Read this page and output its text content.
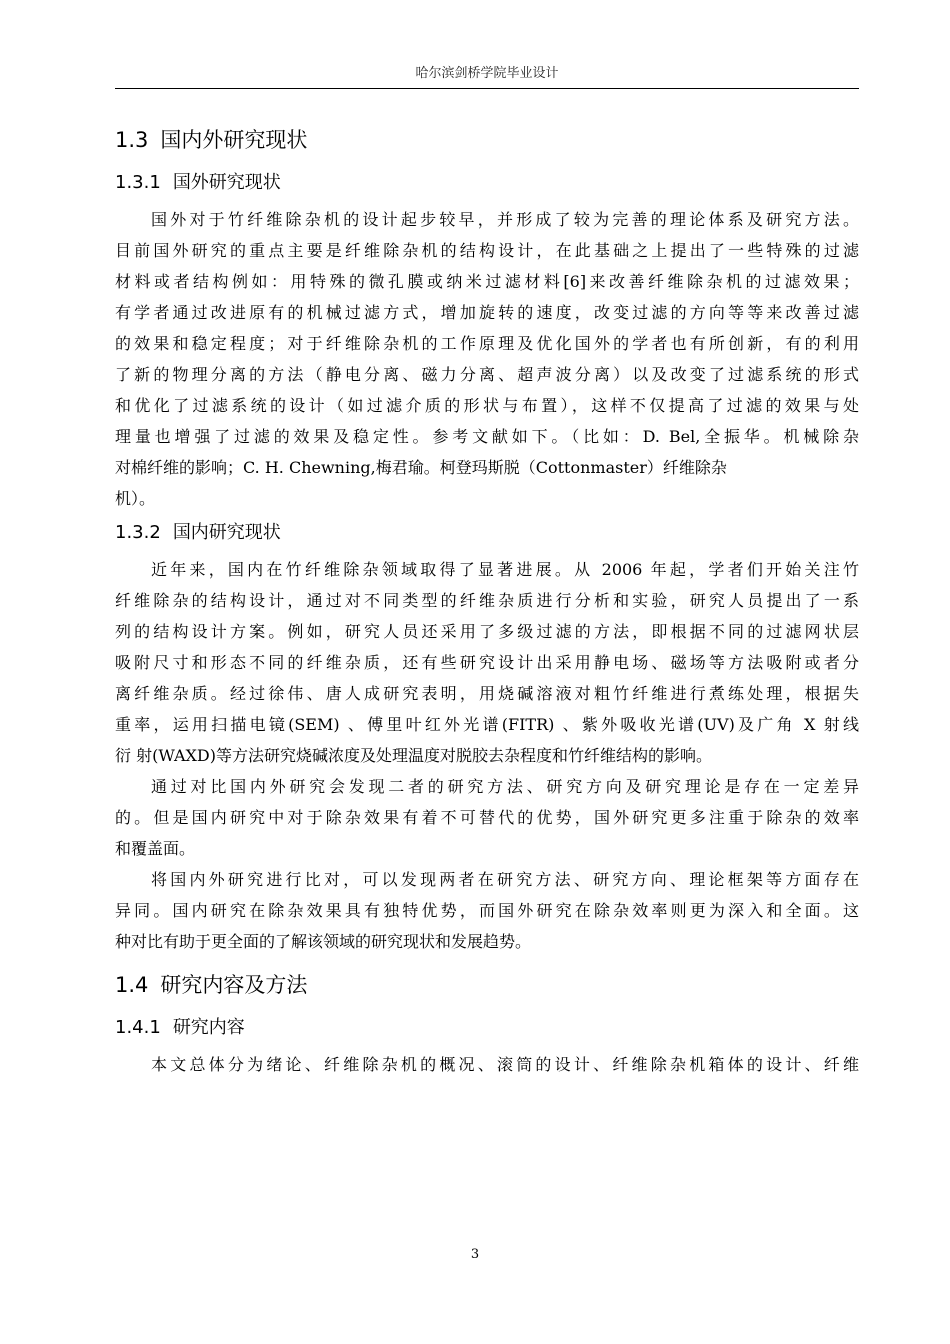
哈尔滨剑桥学院毕业设计
1.3 国内外研究现状
1.3.1 国外研究现状
国外对于竹纤维除杂机的设计起步较早，并形成了较为完善的理论体系及研究方法。
目前国外研究的重点主要是纤维除杂机的结构设计，在此基础之上提出了一些特殊的过滤
材料或者结构例如：用特殊的微孔膜或纳米过滤材料[6]来改善纤维除杂机的过滤效果；
有学者通过改进原有的机械过滤方式，增加旋转的速度，改变过滤的方向等等来改善过滤
的效果和稳定程度；对于纤维除杂机的工作原理及优化国外的学者也有所创新，有的利用
了新的物理分离的方法（静电分离、磁力分离、超声波分离）以及改变了过滤系统的形式
和优化了过滤系统的设计（如过滤介质的形状与布置），这样不仅提高了过滤的效果与处
理量也增强了过滤的效果及稳定性。参考文献如下。（比如：D. Bel,全振华。机械除杂
对棉纤维的影响；C. H. Chewning,梅君瑜。柯登玛斯脱（Cottonmaster）纤维除杂
机）。
1.3.2 国内研究现状
近年来，国内在竹纤维除杂领域取得了显著进展。从 2006 年起，学者们开始关注竹
纤维除杂的结构设计，通过对不同类型的纤维杂质进行分析和实验，研究人员提出了一系
列的结构设计方案。例如，研究人员还采用了多级过滤的方法，即根据不同的过滤网状层
吸附尺寸和形态不同的纤维杂质，还有些研究设计出采用静电场、磁场等方法吸附或者分
离纤维杂质。经过徐伟、唐人成研究表明，用烧碱溶液对粗竹纤维进行煮练处理，根据失
重率，运用扫描电镜(SEM) 、傅里叶红外光谱(FITR) 、紫外吸收光谱(UV)及广角 X 射线
衍 射(WAXD)等方法研究烧碱浓度及处理温度对脱胶去杂程度和竹纤维结构的影响。
通过对比国内外研究会发现二者的研究方法、研究方向及研究理论是存在一定差异
的。但是国内研究中对于除杂效果有着不可替代的优势，国外研究更多注重于除杂的效率
和覆盖面。
将国内外研究进行比对，可以发现两者在研究方法、研究方向、理论框架等方面存在
异同。国内研究在除杂效果具有独特优势，而国外研究在除杂效率则更为深入和全面。这
种对比有助于更全面的了解该领域的研究现状和发展趋势。
1.4 研究内容及方法
1.4.1 研究内容
本文总体分为绪论、纤维除杂机的概况、滚筒的设计、纤维除杂机箱体的设计、纤维
3
